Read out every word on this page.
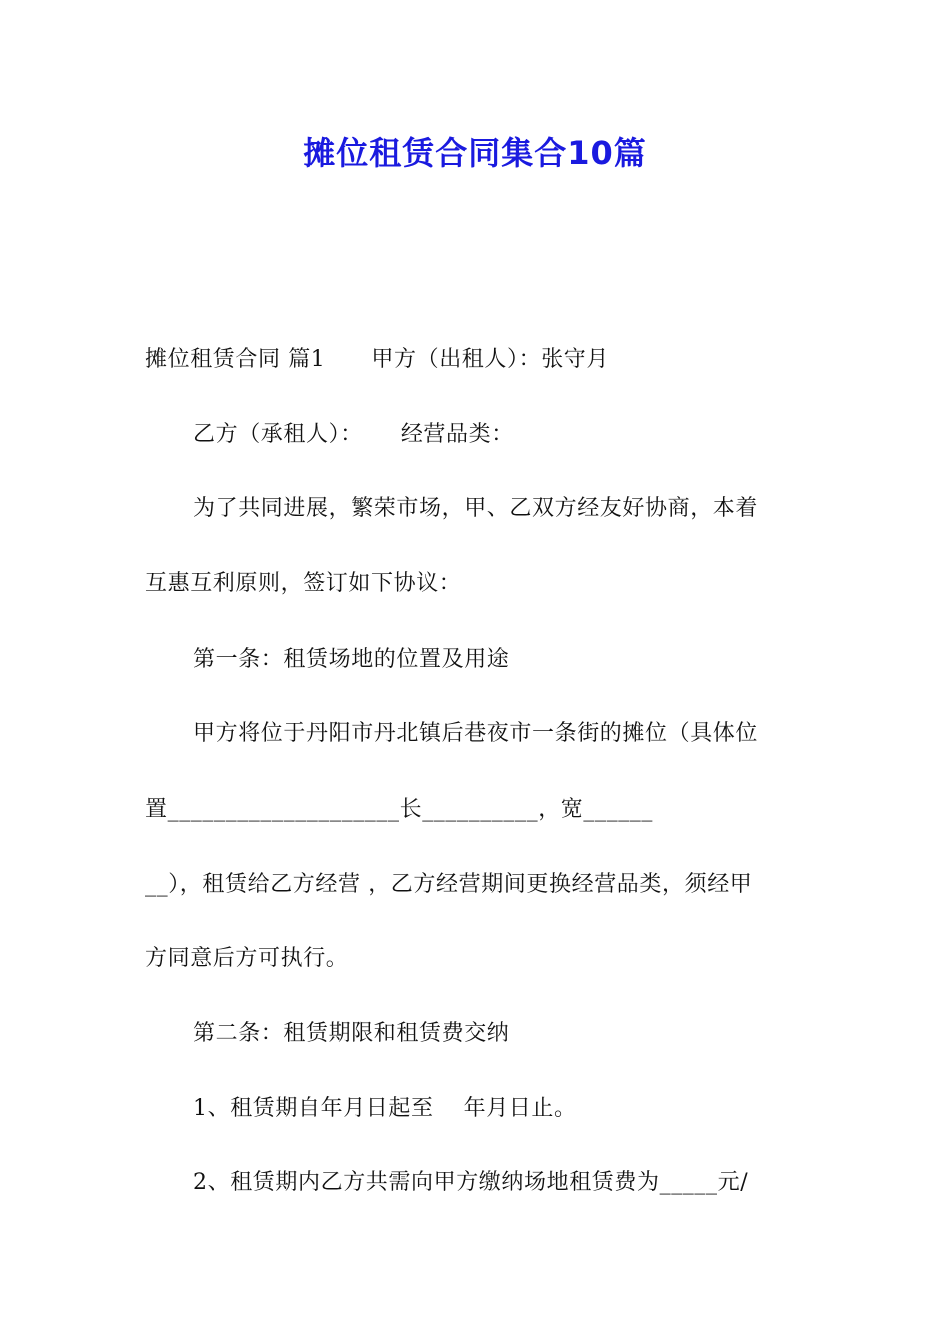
摊位租赁合同集合10篇
摊位租赁合同 篇1 甲方（出租人）：张守月
乙方（承租人）： 经营品类：
为了共同进展，繁荣市场，甲、乙双方经友好协商，本着
互惠互利原则，签订如下协议：
第一条：租赁场地的位置及用途
甲方将位于丹阳市丹北镇后巷夜市一条街的摊位（具体位
置____________________长__________，宽______
__），租赁给乙方经营 ，乙方经营期间更换经营品类，须经甲
方同意后方可执行。
第二条：租赁期限和租赁费交纳
1、租赁期自年月日起至 年月日止。
2、租赁期内乙方共需向甲方缴纳场地租赁费为_____元/
